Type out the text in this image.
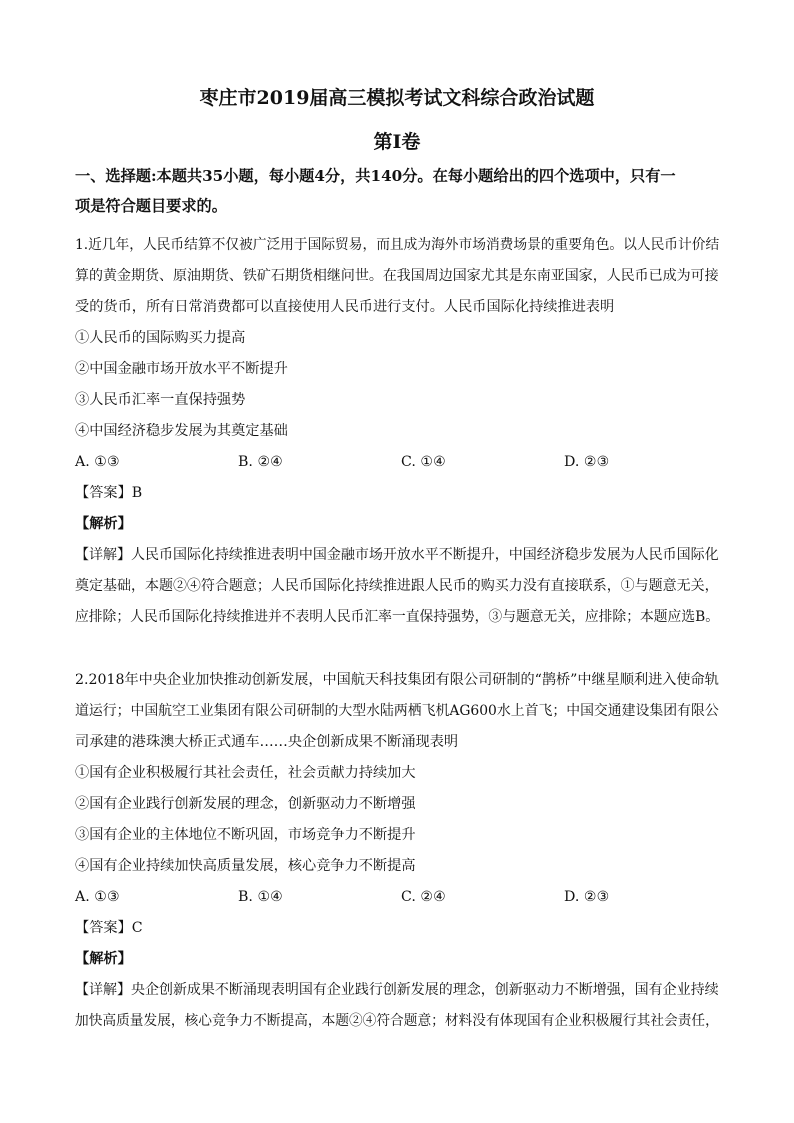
枣庄市2019届高三模拟考试文科综合政治试题
第Ⅰ卷
一、选择题:本题共35小题，每小题4分，共140分。在每小题给出的四个选项中，只有一
项是符合题目要求的。
1.近几年，人民币结算不仅被广泛用于国际贸易，而且成为海外市场消费场景的重要角色。以人民币计价结
算的黄金期货、原油期货、铁矿石期货相继问世。在我国周边国家尤其是东南亚国家，人民币已成为可接
受的货币，所有日常消费都可以直接使用人民币进行支付。人民币国际化持续推进表明
①人民币的国际购买力提高
②中国金融市场开放水平不断提升
③人民币汇率一直保持强势
④中国经济稳步发展为其奠定基础
A. ①③	B. ②④	C. ①④	D. ②③
【答案】B
【解析】
【详解】人民币国际化持续推进表明中国金融市场开放水平不断提升，中国经济稳步发展为人民币国际化
奠定基础，本题②④符合题意；人民币国际化持续推进跟人民币的购买力没有直接联系，①与题意无关，
应排除；人民币国际化持续推进并不表明人民币汇率一直保持强势，③与题意无关，应排除；本题应选B。
2.2018年中央企业加快推动创新发展，中国航天科技集团有限公司研制的“鹊桥”中继星顺利进入使命轨
道运行；中国航空工业集团有限公司研制的大型水陆两栖飞机AG600水上首飞；中国交通建设集团有限公
司承建的港珠澳大桥正式通车……央企创新成果不断涌现表明
①国有企业积极履行其社会责任，社会贡献力持续加大
②国有企业践行创新发展的理念，创新驱动力不断增强
③国有企业的主体地位不断巩固，市场竞争力不断提升
④国有企业持续加快高质量发展，核心竞争力不断提高
A. ①③	B. ①④	C. ②④	D. ②③
【答案】C
【解析】
【详解】央企创新成果不断涌现表明国有企业践行创新发展的理念，创新驱动力不断增强，国有企业持续
加快高质量发展，核心竞争力不断提高，本题②④符合题意；材料没有体现国有企业积极履行其社会责任，
